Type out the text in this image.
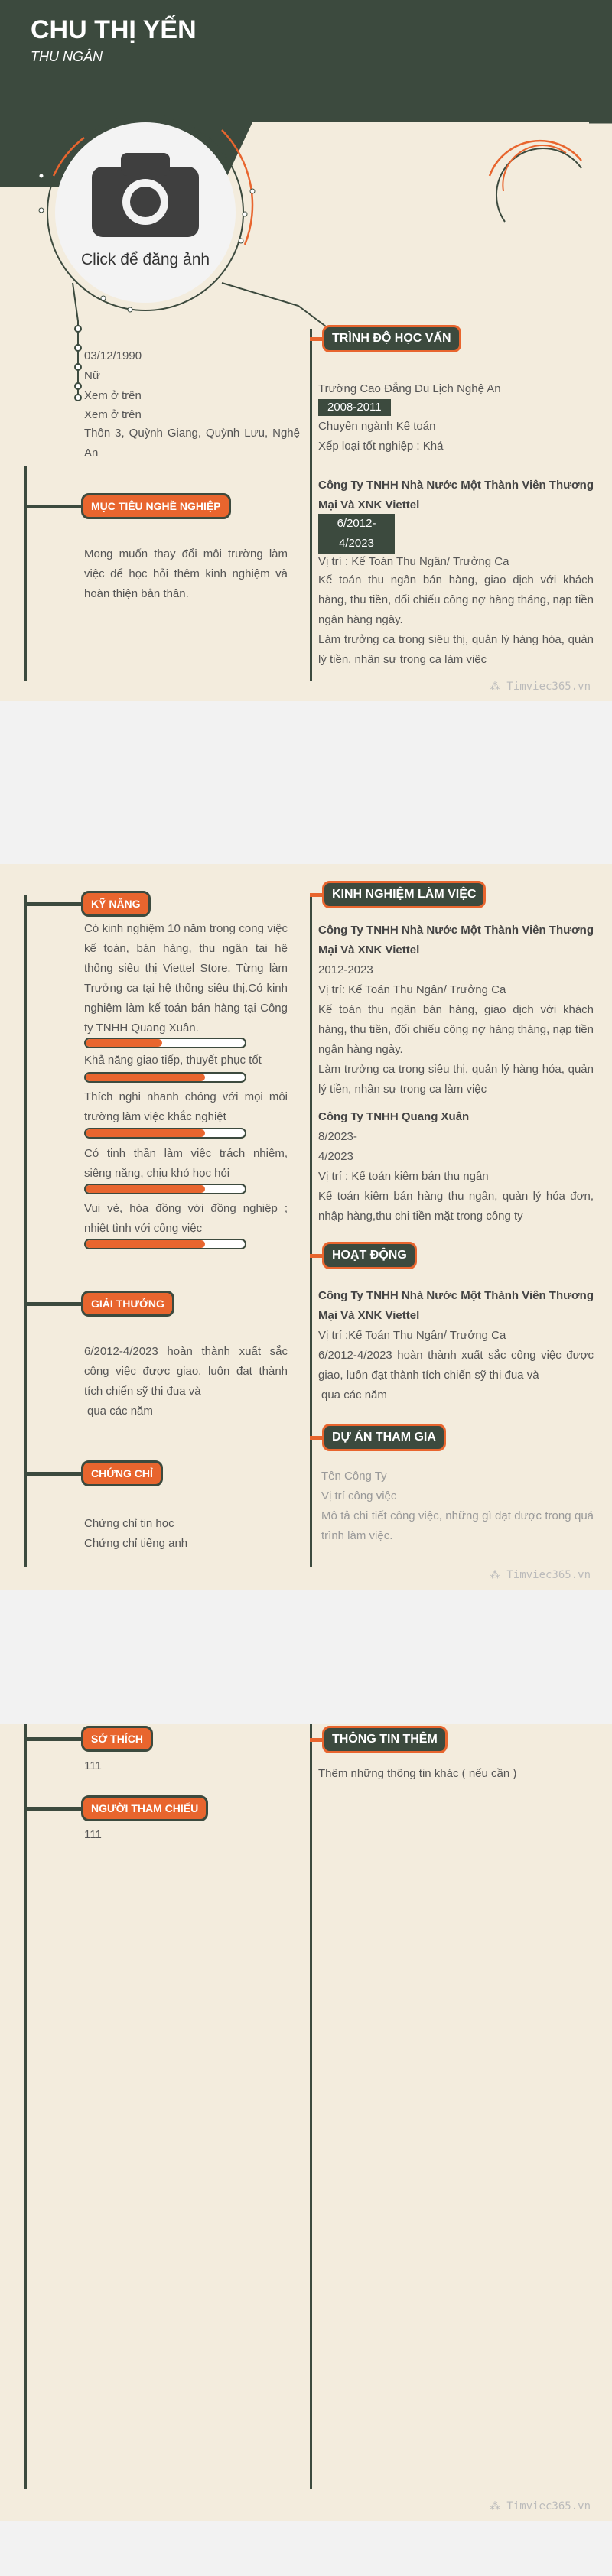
CHU THỊ YẾN
THU NGÂN
Click để đăng ảnh
03/12/1990
Nữ
Xem ở trên
Xem ở trên
Thôn 3, Quỳnh Giang, Quỳnh Lưu, Nghệ An
MỤC TIÊU NGHỀ NGHIỆP
Mong muốn thay đổi môi trường làm việc để học hỏi thêm kinh nghiệm và hoàn thiện bản thân.
TRÌNH ĐỘ HỌC VẤN
Trường Cao Đẳng Du Lịch Nghệ An
2008-2011
Chuyên ngành Kế toán
Xếp loại tốt nghiệp : Khá
Công Ty TNHH Nhà Nước Một Thành Viên Thương Mại Và XNK Viettel
6/2012-
4/2023
Vị trí : Kế Toán Thu Ngân/ Trưởng Ca
Kế toán thu ngân bán hàng, giao dịch với khách hàng, thu tiền, đối chiếu công nợ hàng tháng, nạp tiền ngân hàng ngày.
Làm trưởng ca trong siêu thị, quản lý hàng hóa, quản lý tiền, nhân sự trong ca làm việc
⁂ Timviec365.vn
KỸ NĂNG
Có kinh nghiệm 10 năm trong cong việc kế toán, bán hàng, thu ngân tại hệ thống siêu thị Viettel Store. Từng làm Trưởng ca tại hệ thống siêu thị.Có kinh nghiệm làm kế toán bán hàng tại Công ty TNHH Quang Xuân.
Khả năng giao tiếp, thuyết phục tốt
Thích nghi nhanh chóng với mọi môi trường làm việc khắc nghiệt
Có tinh thần làm việc trách nhiệm, siêng năng, chịu khó học hỏi
Vui vẻ, hòa đồng với đồng nghiệp ; nhiệt tình với công việc
GIẢI THƯỞNG
6/2012-4/2023 hoàn thành xuất sắc công việc được giao, luôn đạt thành tích chiến sỹ thi đua và
qua các năm
CHỨNG CHỈ
Chứng chỉ tin học
Chứng chỉ tiếng anh
KINH NGHIỆM LÀM VIỆC
Công Ty TNHH Nhà Nước Một Thành Viên Thương Mại Và XNK Viettel
2012-2023
Vị trí: Kế Toán Thu Ngân/ Trưởng Ca
Kế toán thu ngân bán hàng, giao dịch với khách hàng, thu tiền, đối chiếu công nợ hàng tháng, nạp tiền ngân hàng ngày.
Làm trưởng ca trong siêu thị, quản lý hàng hóa, quản lý tiền, nhân sự trong ca làm việc
Công Ty TNHH Quang Xuân
8/2023-
4/2023
Vị trí : Kế toán kiêm bán thu ngân
Kế toán kiêm bán hàng thu ngân, quản lý hóa đơn, nhập hàng,thu chi tiền mặt trong công ty
HOẠT ĐỘNG
Công Ty TNHH Nhà Nước Một Thành Viên Thương Mại Và XNK Viettel
Vị trí :Kế Toán Thu Ngân/ Trưởng Ca
6/2012-4/2023 hoàn thành xuất sắc công việc được giao, luôn đạt thành tích chiến sỹ thi đua và
qua các năm
DỰ ÁN THAM GIA
Tên Công Ty
Vị trí công việc
Mô tả chi tiết công việc, những gì đạt được trong quá trình làm việc.
⁂ Timviec365.vn
SỞ THÍCH
111
NGƯỜI THAM CHIẾU
111
THÔNG TIN THÊM
Thêm những thông tin khác ( nếu cần )
⁂ Timviec365.vn
